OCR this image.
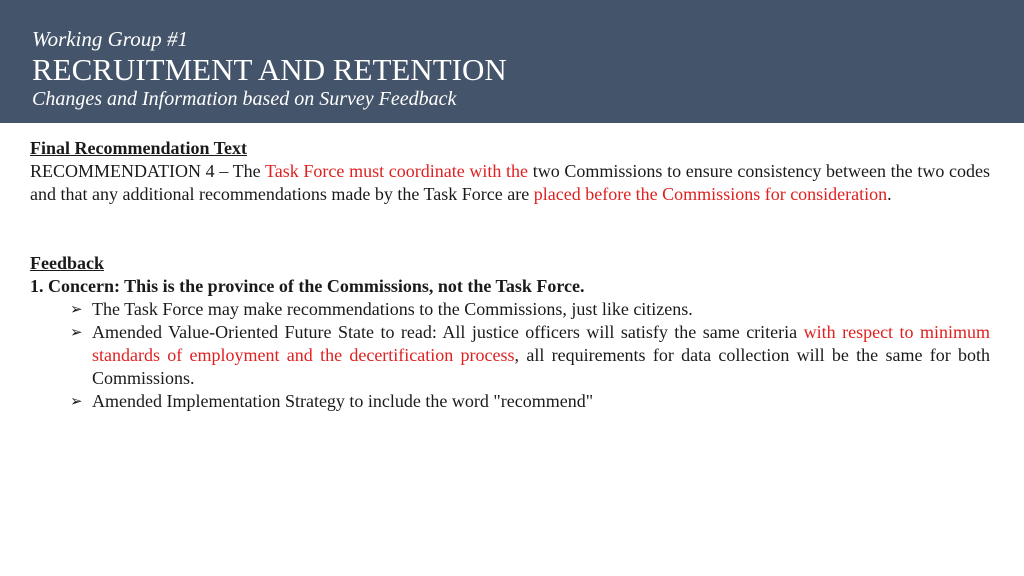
Working Group #1
RECRUITMENT AND RETENTION
Changes and Information based on Survey Feedback
Final Recommendation Text
RECOMMENDATION 4 – The Task Force must coordinate with the two Commissions to ensure consistency between the two codes and that any additional recommendations made by the Task Force are placed before the Commissions for consideration.
Feedback
1. Concern: This is the province of the Commissions, not the Task Force.
➢ The Task Force may make recommendations to the Commissions, just like citizens.
➢ Amended Value-Oriented Future State to read: All justice officers will satisfy the same criteria with respect to minimum standards of employment and the decertification process, all requirements for data collection will be the same for both Commissions.
➢ Amended Implementation Strategy to include the word "recommend"
